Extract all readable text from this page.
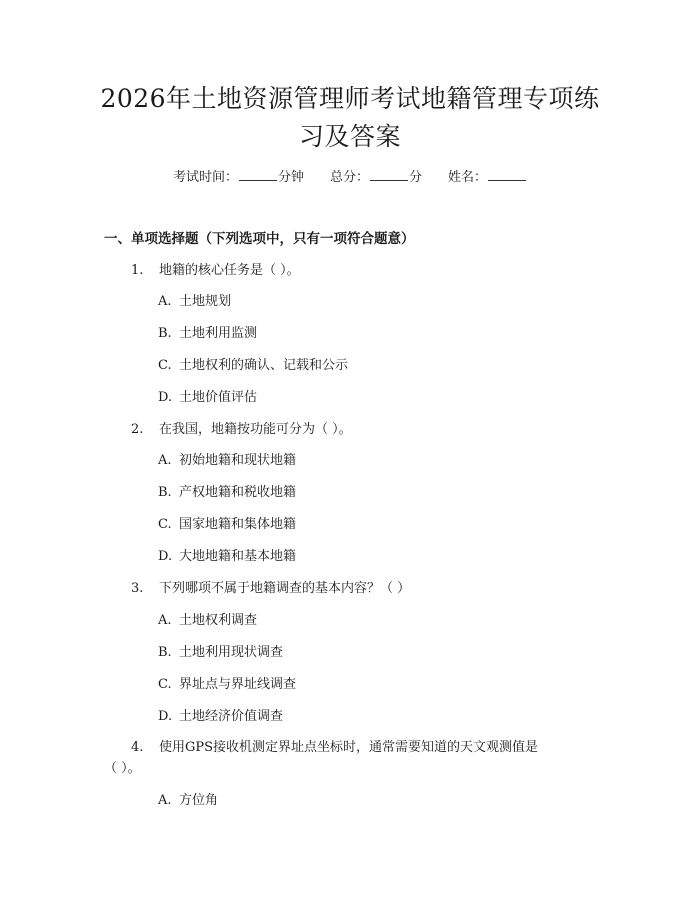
2026年土地资源管理师考试地籍管理专项练
习及答案
考试时间：	分钟 总分：	分 姓名：
一、单项选择题（下列选项中，只有一项符合题意）
1. 地籍的核心任务是（ ）。
A. 土地规划
B. 土地利用监测
C. 土地权利的确认、记载和公示
D. 土地价值评估
2. 在我国，地籍按功能可分为（ ）。
A. 初始地籍和现状地籍
B. 产权地籍和税收地籍
C. 国家地籍和集体地籍
D. 大地地籍和基本地籍
3. 下列哪项不属于地籍调查的基本内容？（ ）
A. 土地权利调查
B. 土地利用现状调查
C. 界址点与界址线调查
D. 土地经济价值调查
4. 使用GPS接收机测定界址点坐标时，通常需要知道的天文观测值是
（ ）。
A. 方位角
